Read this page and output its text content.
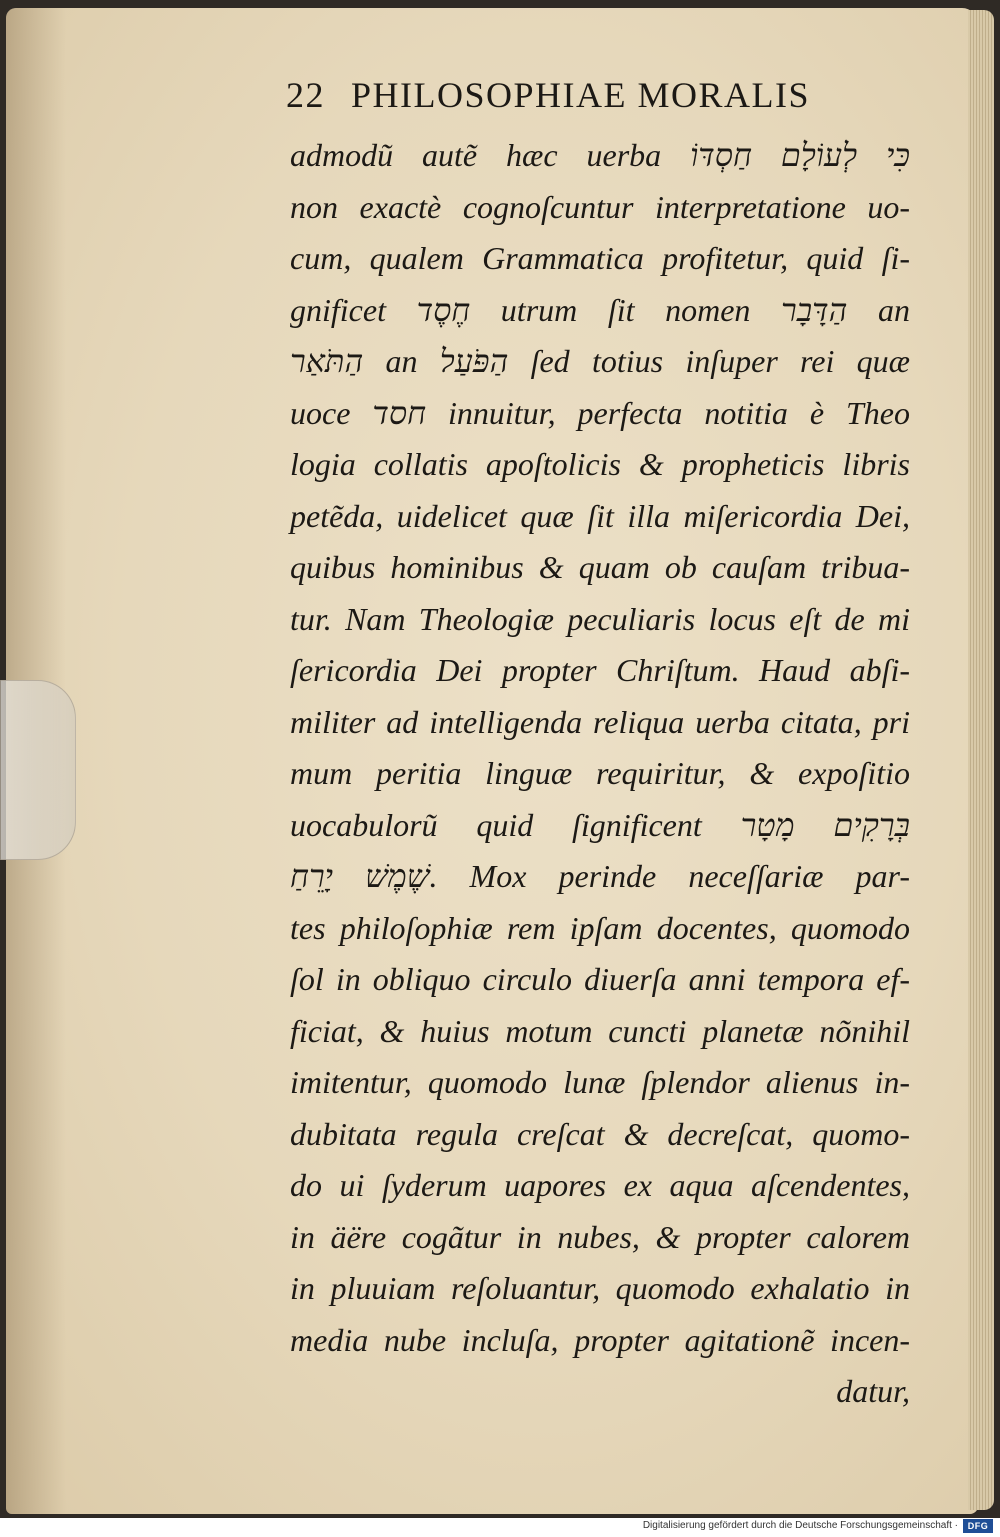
22 PHILOSOPHIAE MORALIS
admodũ autẽ hæc uerba כִּי לְעוֹלָם חַסְדּוֹ
non exactè cognoſcuntur interpretatione uo-
cum, qualem Grammatica profitetur, quid ſi-
gnificet חֶסֶד utrum ſit nomen הַדָּבָר an
הַתֹּאַר an הַפֹּעַל ſed totius inſuper rei quæ
uoce חסד innuitur, perfecta notitia è Theo
logia collatis apoſtolicis & propheticis libris
petẽda, uidelicet quæ ſit illa miſericordia Dei,
quibus hominibus & quam ob cauſam tribua-
tur. Nam Theologiæ peculiaris locus eſt de mi
ſericordia Dei propter Chriſtum. Haud abſi-
militer ad intelligenda reliqua uerba citata, pri
mum peritia linguæ requiritur, & expoſitio
uocabulorũ quid ſignificent בְּרָקִים מָטָר
שֶׁמֶשׁ יָרֵחַ. Mox perinde neceſſariæ par-
tes philoſophiæ rem ipſam docentes, quomodo
ſol in obliquo circulo diuerſa anni tempora ef-
ficiat, & huius motum cuncti planetæ nõnihil
imitentur, quomodo lunæ ſplendor alienus in-
dubitata regula creſcat & decreſcat, quomo-
do ui ſyderum uapores ex aqua aſcendentes,
in äëre cogãtur in nubes, & propter calorem
in pluuiam reſoluantur, quomodo exhalatio in
media nube incluſa, propter agitationẽ incen-
datur,
Digitalisierung gefördert durch die Deutsche Forschungsgemeinschaft ·	DFG
